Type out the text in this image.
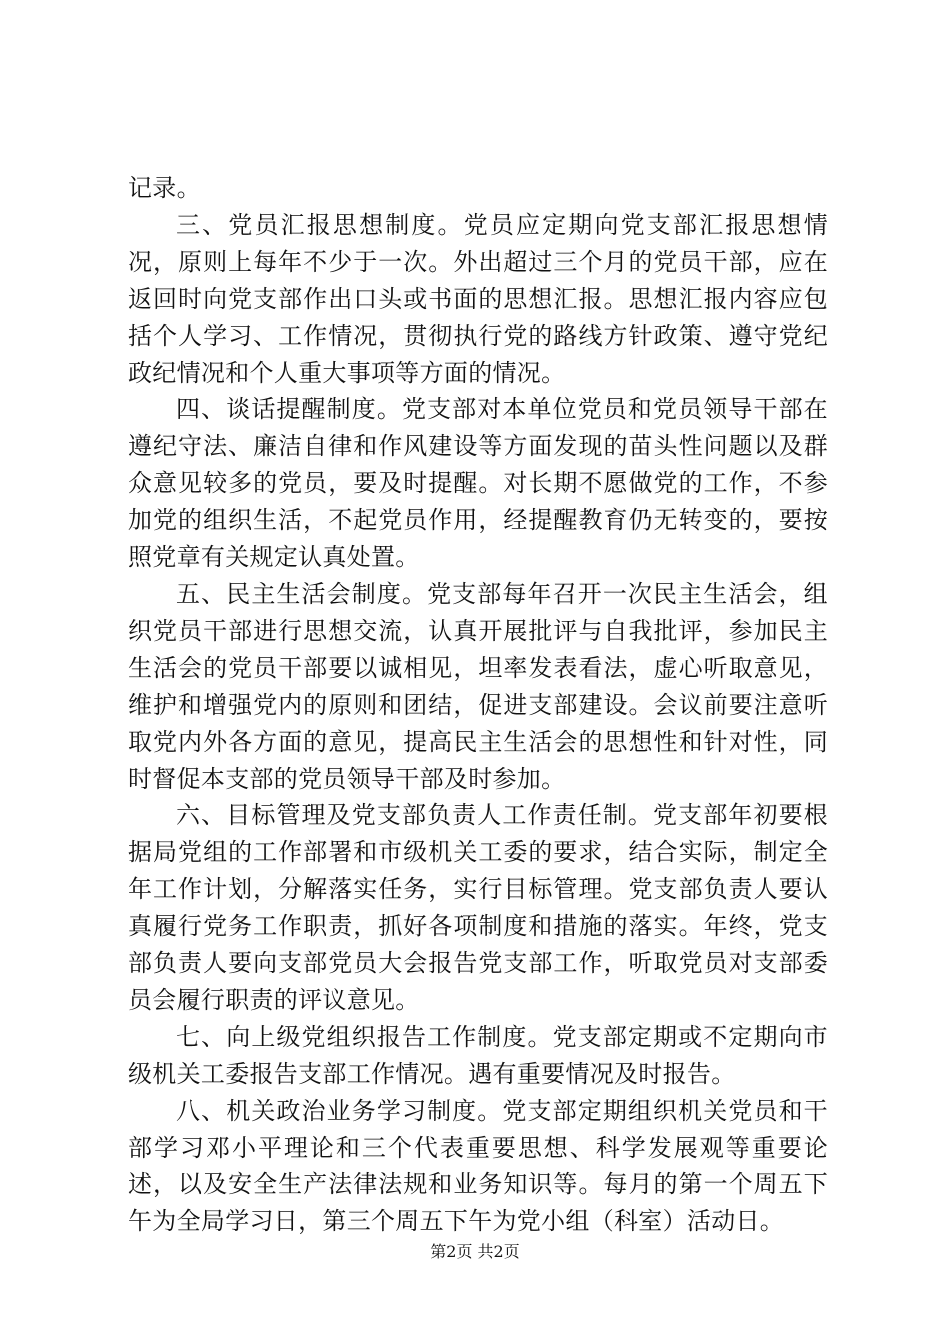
记录。

三、党员汇报思想制度。党员应定期向党支部汇报思想情况，原则上每年不少于一次。外出超过三个月的党员干部，应在返回时向党支部作出口头或书面的思想汇报。思想汇报内容应包括个人学习、工作情况，贯彻执行党的路线方针政策、遵守党纪政纪情况和个人重大事项等方面的情况。

四、谈话提醒制度。党支部对本单位党员和党员领导干部在遵纪守法、廉洁自律和作风建设等方面发现的苗头性问题以及群众意见较多的党员，要及时提醒。对长期不愿做党的工作，不参加党的组织生活，不起党员作用，经提醒教育仍无转变的，要按照党章有关规定认真处置。

五、民主生活会制度。党支部每年召开一次民主生活会，组织党员干部进行思想交流，认真开展批评与自我批评，参加民主生活会的党员干部要以诚相见，坦率发表看法，虚心听取意见，维护和增强党内的原则和团结，促进支部建设。会议前要注意听取党内外各方面的意见，提高民主生活会的思想性和针对性，同时督促本支部的党员领导干部及时参加。

六、目标管理及党支部负责人工作责任制。党支部年初要根据局党组的工作部署和市级机关工委的要求，结合实际，制定全年工作计划，分解落实任务，实行目标管理。党支部负责人要认真履行党务工作职责，抓好各项制度和措施的落实。年终，党支部负责人要向支部党员大会报告党支部工作，听取党员对支部委员会履行职责的评议意见。

七、向上级党组织报告工作制度。党支部定期或不定期向市级机关工委报告支部工作情况。遇有重要情况及时报告。

八、机关政治业务学习制度。党支部定期组织机关党员和干部学习邓小平理论和三个代表重要思想、科学发展观等重要论述，以及安全生产法律法规和业务知识等。每月的第一个周五下午为全局学习日，第三个周五下午为党小组（科室）活动日。

第2页 共2页
